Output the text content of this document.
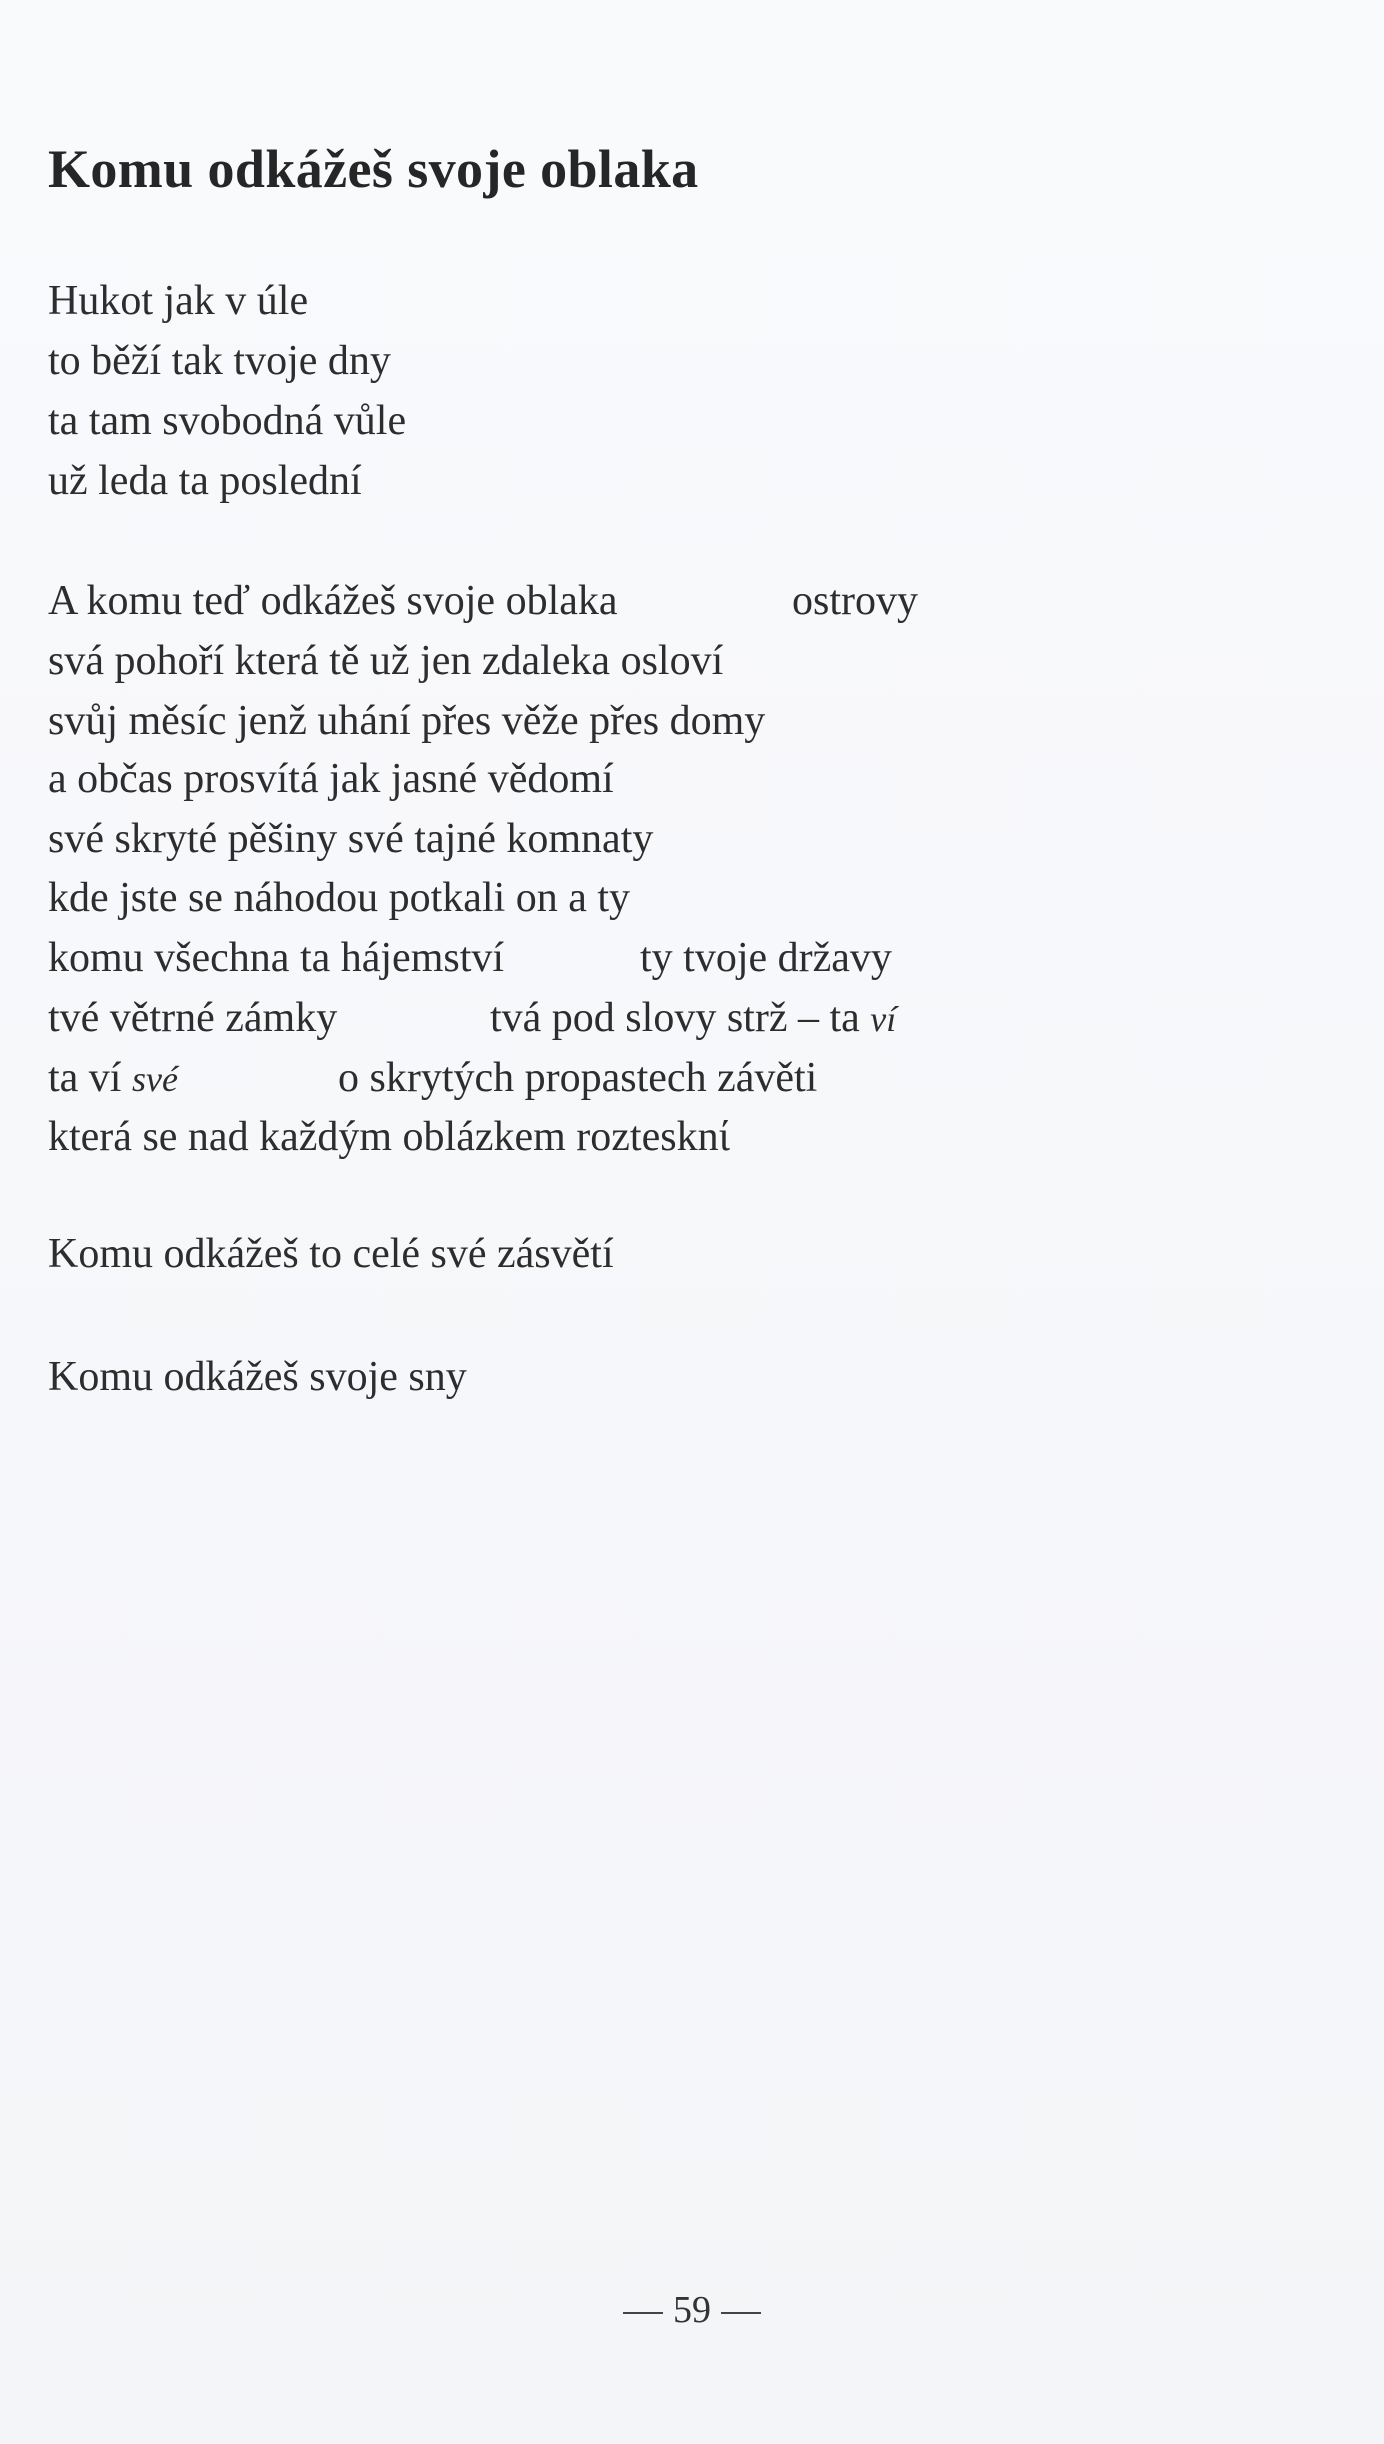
Komu odkážeš svoje oblaka
Hukot jak v úle
to běží tak tvoje dny
ta tam svobodná vůle
už leda ta poslední
A komu teď odkážeš svoje oblaka	ostrovy
svá pohoří která tě už jen zdaleka osloví
svůj měsíc jenž uhání přes věže přes domy
a občas prosvítá jak jasné vědomí
své skryté pěšiny své tajné komnaty
kde jste se náhodou potkali on a ty
komu všechna ta hájemství	ty tvoje državy
tvé větrné zámky	tvá pod slovy strž – ta ví
ta ví své	o skrytých propastech závěti
která se nad každým oblázkem roztesknί
Komu odkážeš to celé své zásvětí
Komu odkážeš svoje sny
59
